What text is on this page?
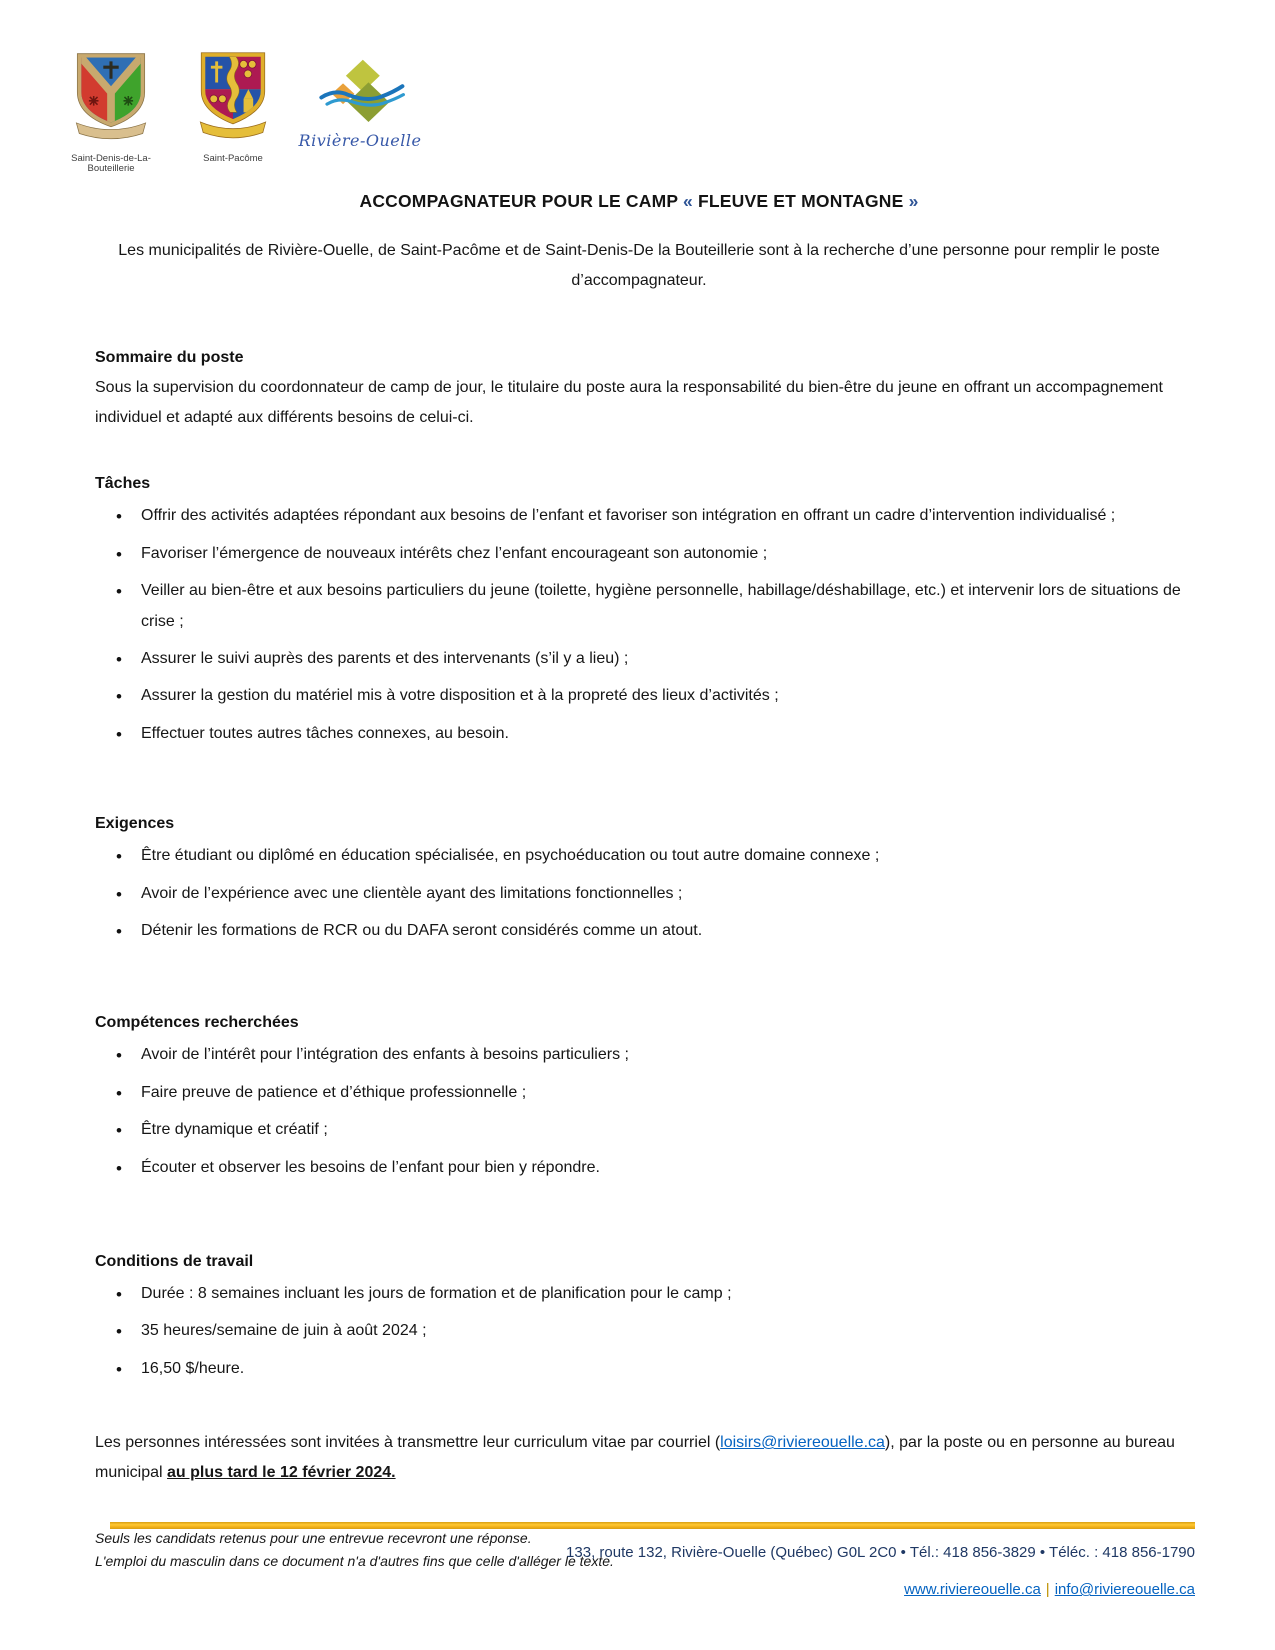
Saint-Denis-de-La-Bouteillerie
Saint-Pacôme
Rivière-Ouelle
ACCOMPAGNATEUR POUR LE CAMP « FLEUVE ET MONTAGNE »

Les municipalités de Rivière-Ouelle, de Saint-Pacôme et de Saint-Denis-De la Bouteillerie sont à la recherche d’une personne pour remplir le poste d’accompagnateur.

Sommaire du poste

Sous la supervision du coordonnateur de camp de jour, le titulaire du poste aura la responsabilité du bien-être du jeune en offrant un accompagnement individuel et adapté aux différents besoins de celui-ci.

Tâches
• Offrir des activités adaptées répondant aux besoins de l’enfant et favoriser son intégration en offrant un cadre d’intervention individualisé ;
• Favoriser l’émergence de nouveaux intérêts chez l’enfant encourageant son autonomie ;
• Veiller au bien-être et aux besoins particuliers du jeune (toilette, hygiène personnelle, habillage/déshabillage, etc.) et intervenir lors de situations de crise ;
• Assurer le suivi auprès des parents et des intervenants (s’il y a lieu) ;
• Assurer la gestion du matériel mis à votre disposition et à la propreté des lieux d’activités ;
• Effectuer toutes autres tâches connexes, au besoin.
Exigences
• Être étudiant ou diplômé en éducation spécialisée, en psychoéducation ou tout autre domaine connexe ;
• Avoir de l’expérience avec une clientèle ayant des limitations fonctionnelles ;
• Détenir les formations de RCR ou du DAFA seront considérés comme un atout.
Compétences recherchées
• Avoir de l’intérêt pour l’intégration des enfants à besoins particuliers ;
• Faire preuve de patience et d’éthique professionnelle ;
• Être dynamique et créatif ;
• Écouter et observer les besoins de l’enfant pour bien y répondre.
Conditions de travail
• Durée : 8 semaines incluant les jours de formation et de planification pour le camp ;
• 35 heures/semaine de juin à août 2024 ;
• 16,50 $/heure.

Les personnes intéressées sont invitées à transmettre leur curriculum vitae par courriel (loisirs@riviereouelle.ca), par la poste ou en personne au bureau municipal au plus tard le 12 février 2024.

Seuls les candidats retenus pour une entrevue recevront une réponse.

L'emploi du masculin dans ce document n'a d'autres fins que celle d'alléger le texte.

133, route 132, Rivière-Ouelle (Québec) G0L 2C0 • Tél.: 418 856-3829 • Téléc. : 418 856-1790
www.riviereouelle.ca | info@riviereouelle.ca
